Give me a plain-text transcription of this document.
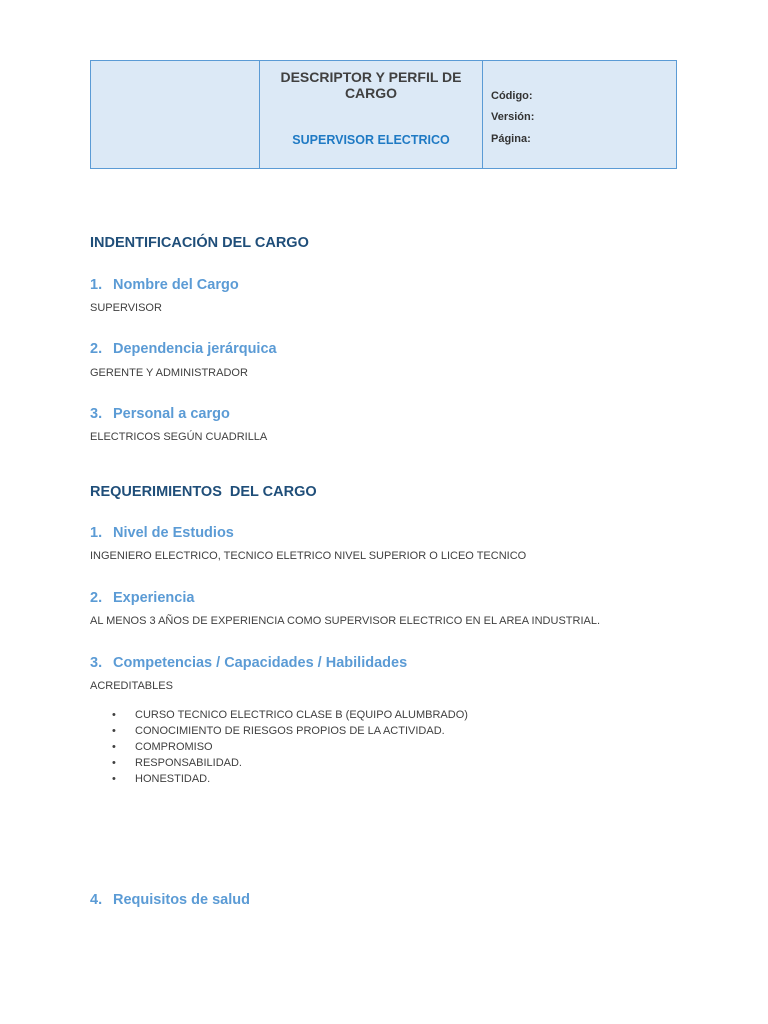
DESCRIPTOR Y PERFIL DE CARGO
SUPERVISOR ELECTRICO
Código:
Versión:
Página:
INDENTIFICACIÓN DEL CARGO
1. Nombre del Cargo
SUPERVISOR
2. Dependencia jerárquica
GERENTE Y ADMINISTRADOR
3. Personal a cargo
ELECTRICOS SEGÚN CUADRILLA
REQUERIMIENTOS  DEL CARGO
1. Nivel de Estudios
INGENIERO ELECTRICO, TECNICO ELETRICO NIVEL SUPERIOR O LICEO TECNICO
2. Experiencia
AL MENOS 3 AÑOS DE EXPERIENCIA COMO SUPERVISOR ELECTRICO EN EL AREA INDUSTRIAL.
3. Competencias / Capacidades / Habilidades
ACREDITABLES
• CURSO TECNICO ELECTRICO CLASE B (EQUIPO ALUMBRADO)
• CONOCIMIENTO DE RIESGOS PROPIOS DE LA ACTIVIDAD.
• COMPROMISO
• RESPONSABILIDAD.
• HONESTIDAD.
4. Requisitos de salud
